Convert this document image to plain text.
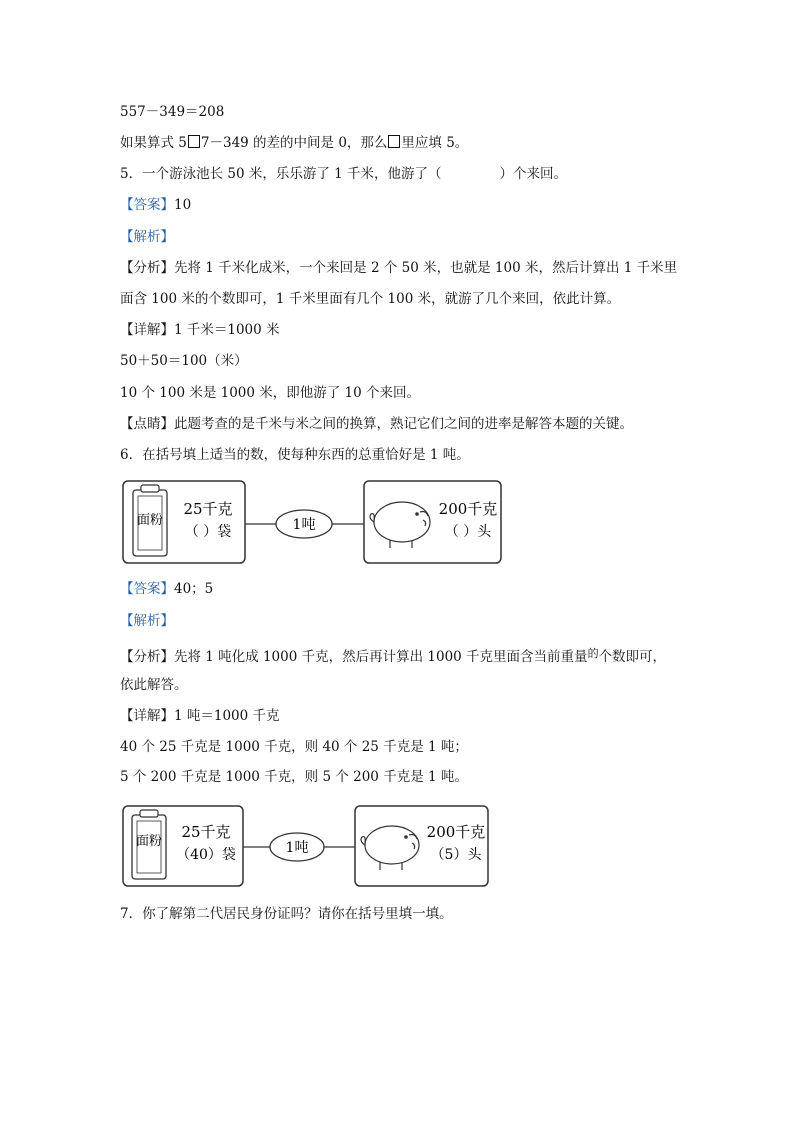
557－349＝208
如果算式 5 7－349 的差的中间是 0，那么 里应填 5。
5．一个游泳池长 50 米，乐乐游了 1 千米，他游了（	）个来回。
【答案】10
【解析】
【分析】先将 1 千米化成米，一个来回是 2 个 50 米，也就是 100 米，然后计算出 1 千米里
面含 100 米的个数即可，1 千米里面有几个 100 米，就游了几个来回，依此计算。
【详解】1 千米＝1000 米
50＋50＝100（米）
10 个 100 米是 1000 米，即他游了 10 个来回。
【点睛】此题考查的是千米与米之间的换算，熟记它们之间的进率是解答本题的关键。
6．在括号填上适当的数，使每种东西的总重恰好是 1 吨。
面粉
25千克
（ ）袋	1吨
200千克
（ ）头
【答案】40；5
【解析】
【分析】先将 1 吨化成 1000 千克，然后再计算出 1000 千克里面含当前重量$^的$个数即可，
依此解答。
【详解】1 吨＝1000 千克
40 个 25 千克是 1000 千克，则 40 个 25 千克是 1 吨；
5 个 200 千克是 1000 千克，则 5 个 200 千克是 1 吨。
面粉
25千克
（40）袋	1吨
200千克
（5）头
7．你了解第二代居民身份证吗？请你在括号里填一填。
